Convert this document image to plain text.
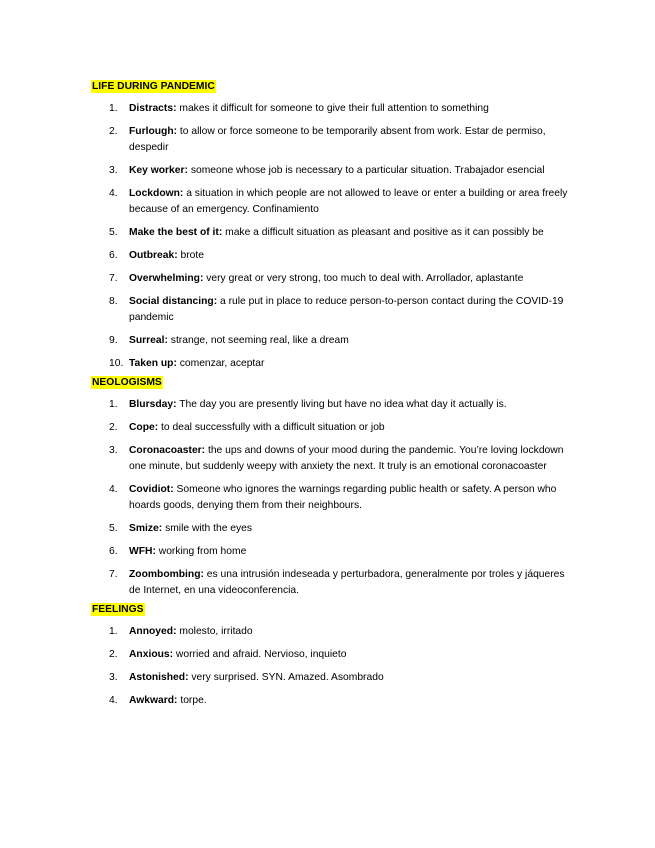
LIFE DURING PANDEMIC
1.	Distracts: makes it difficult for someone to give their full attention to something
2.	Furlough: to allow or force someone to be temporarily absent from work. Estar de permiso, despedir
3.	Key worker: someone whose job is necessary to a particular situation. Trabajador esencial
4.	Lockdown: a situation in which people are not allowed to leave or enter a building or area freely because of an emergency. Confinamiento
5.	Make the best of it: make a difficult situation as pleasant and positive as it can possibly be
6.	Outbreak: brote
7.	Overwhelming: very great or very strong, too much to deal with. Arrollador, aplastante
8.	Social distancing: a rule put in place to reduce person-to-person contact during the COVID-19 pandemic
9.	Surreal: strange, not seeming real, like a dream
10. Taken up: comenzar, aceptar
NEOLOGISMS
1.	Blursday: The day you are presently living but have no idea what day it actually is.
2.	Cope: to deal successfully with a difficult situation or job
3.	Coronacoaster: the ups and downs of your mood during the pandemic. You’re loving lockdown one minute, but suddenly weepy with anxiety the next. It truly is an emotional coronacoaster
4.	Covidiot: Someone who ignores the warnings regarding public health or safety. A person who hoards goods, denying them from their neighbours.
5.	Smize: smile with the eyes
6.	WFH: working from home
7.	Zoombombing: es una intrusión indeseada y perturbadora, generalmente por troles y jáqueres de Internet, en una videoconferencia.
FEELINGS
1.	Annoyed: molesto, irritado
2.	Anxious: worried and afraid. Nervioso, inquieto
3.	Astonished: very surprised. SYN. Amazed. Asombrado
4.	Awkward: torpe.
